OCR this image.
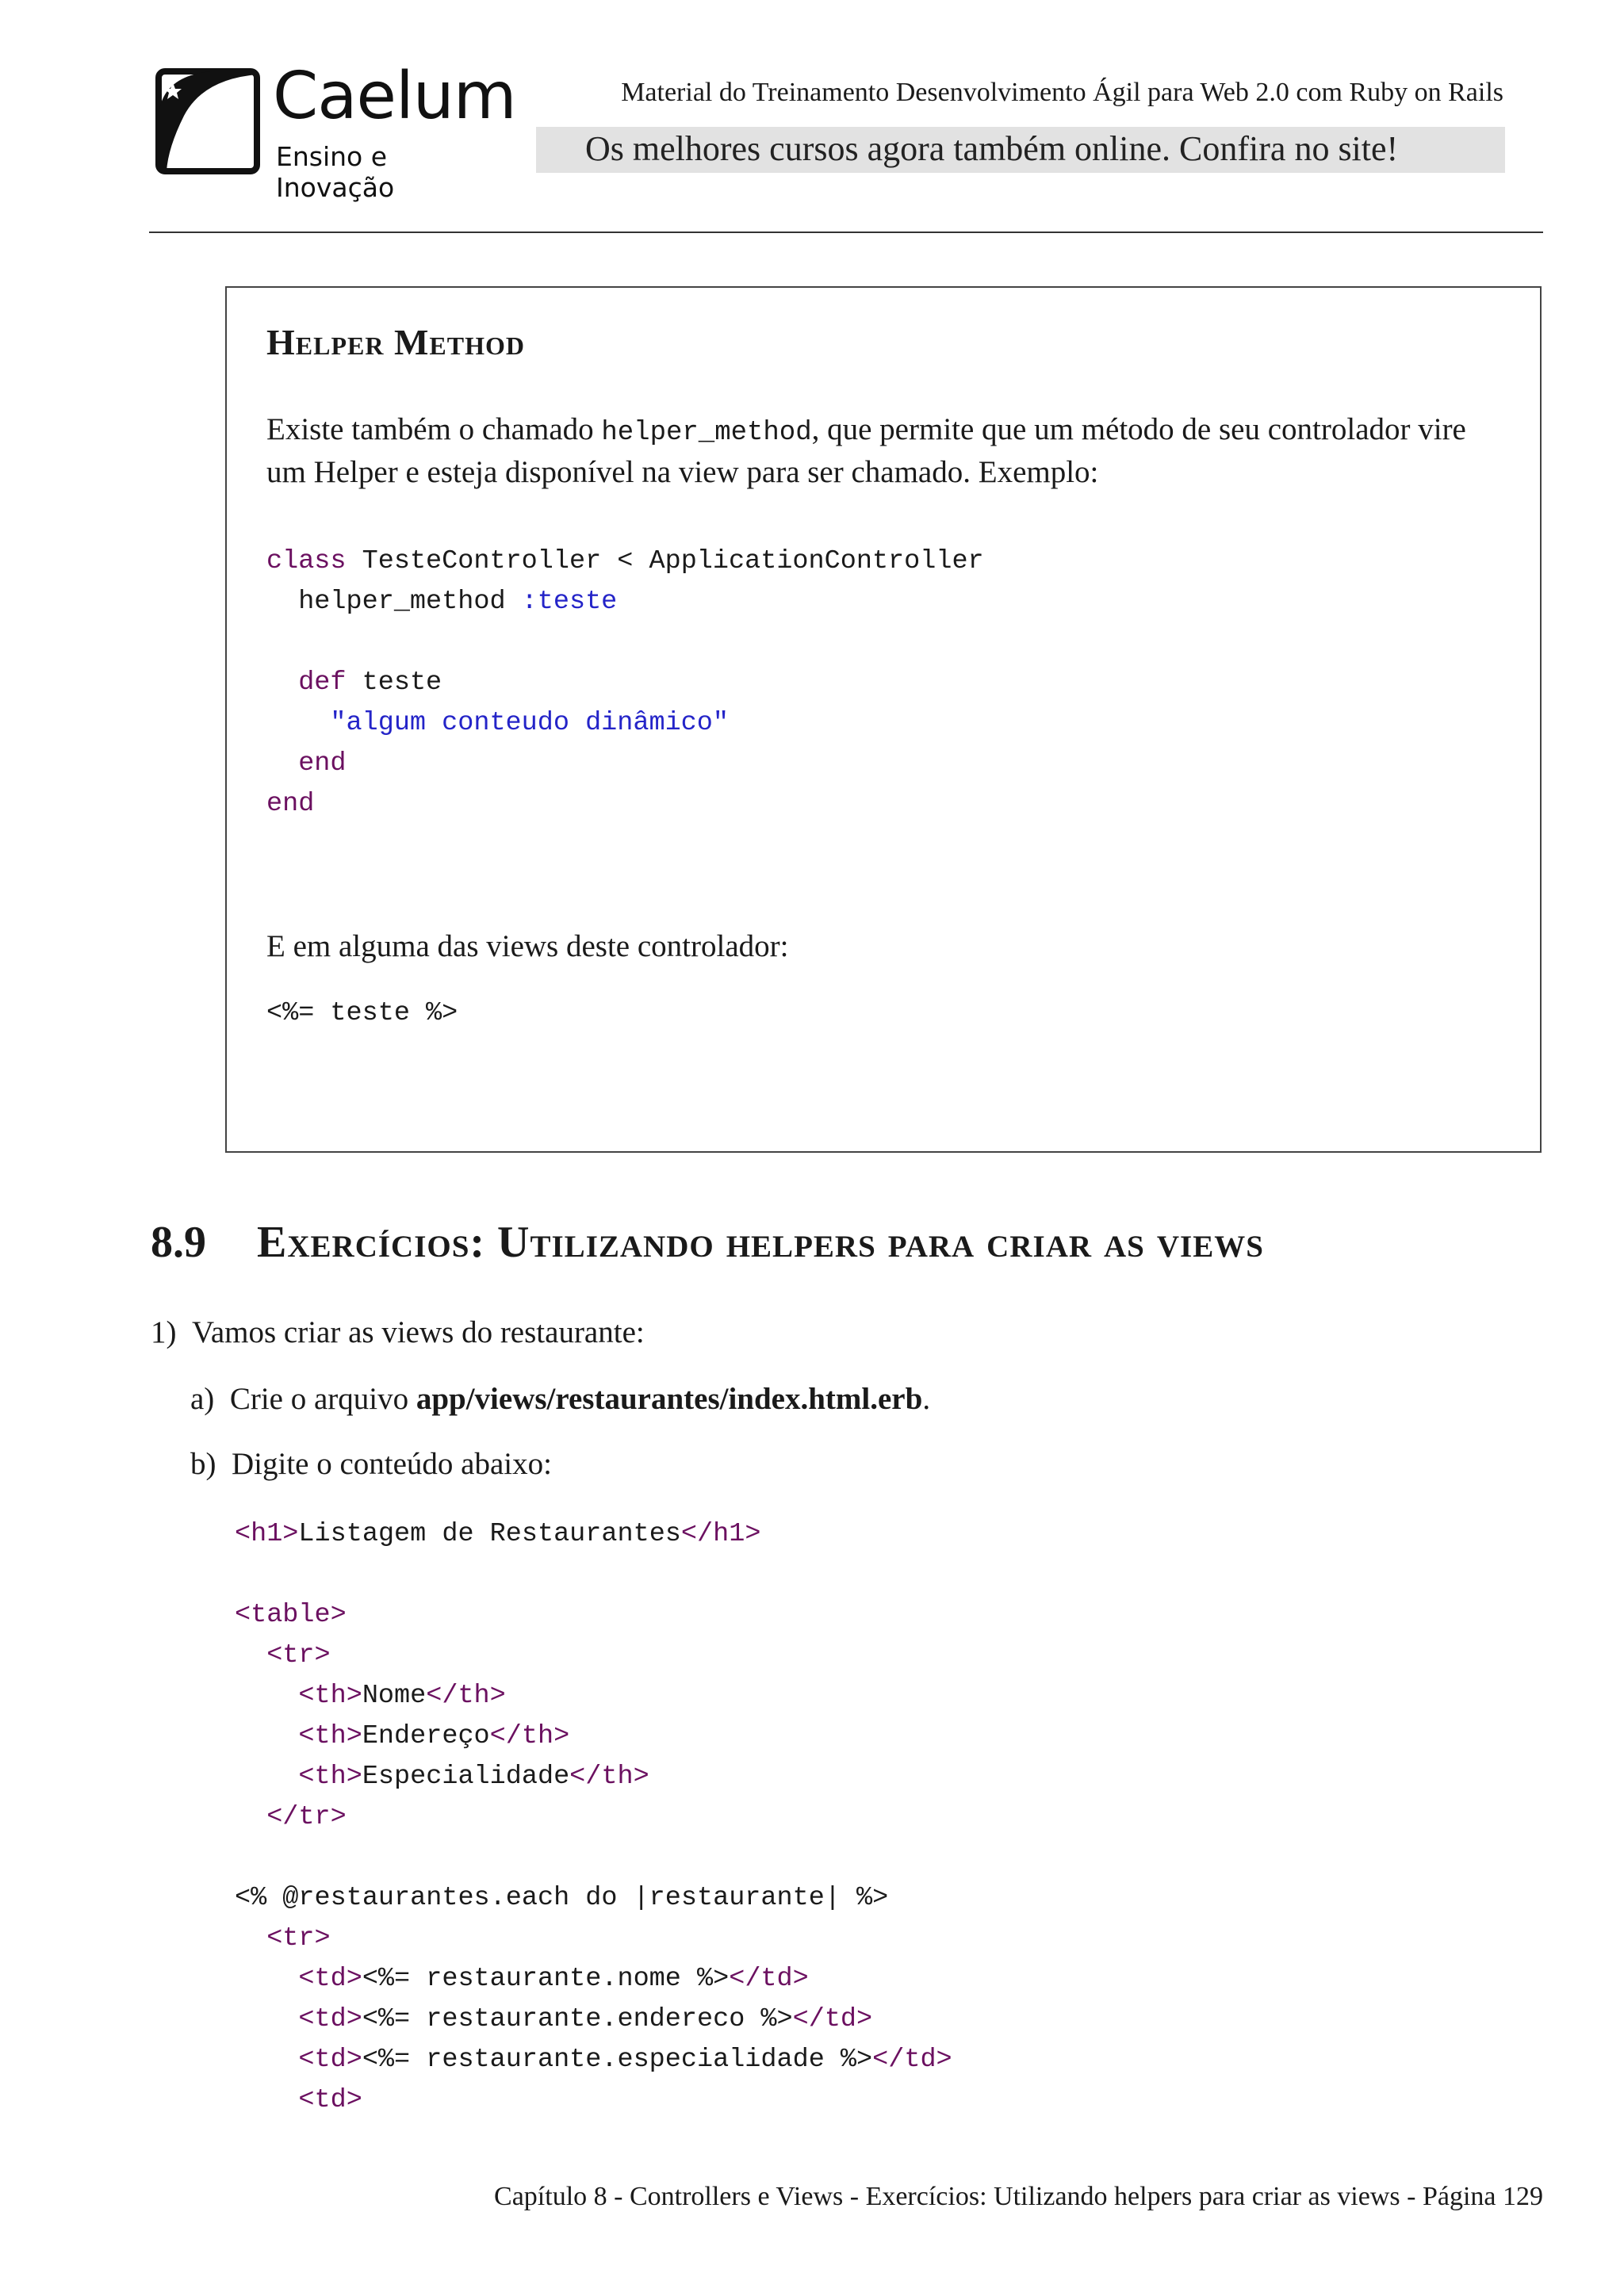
Caelum
Ensino e Inovação
Material do Treinamento Desenvolvimento Ágil para Web 2.0 com Ruby on Rails
Os melhores cursos agora também online. Confira no site!
Helper Method
Existe também o chamado helper_method, que permite que um método de seu controlador vire
um Helper e esteja disponível na view para ser chamado. Exemplo:
class TesteController < ApplicationController
helper_method :teste
def teste
"algum conteudo dinâmico"
end
end
E em alguma das views deste controlador:
<%= teste %>
8.9 Exercícios: Utilizando helpers para criar as views
1) Vamos criar as views do restaurante:
a) Crie o arquivo app/views/restaurantes/index.html.erb.
b) Digite o conteúdo abaixo:
<h1>Listagem de Restaurantes</h1>
<table>
<tr>
<th>Nome</th>
<th>Endereço</th>
<th>Especialidade</th>
</tr>
<% @restaurantes.each do |restaurante| %>
<tr>
<td><%= restaurante.nome %></td>
<td><%= restaurante.endereco %></td>
<td><%= restaurante.especialidade %></td>
<td>
Capítulo 8 - Controllers e Views - Exercícios: Utilizando helpers para criar as views - Página 129
